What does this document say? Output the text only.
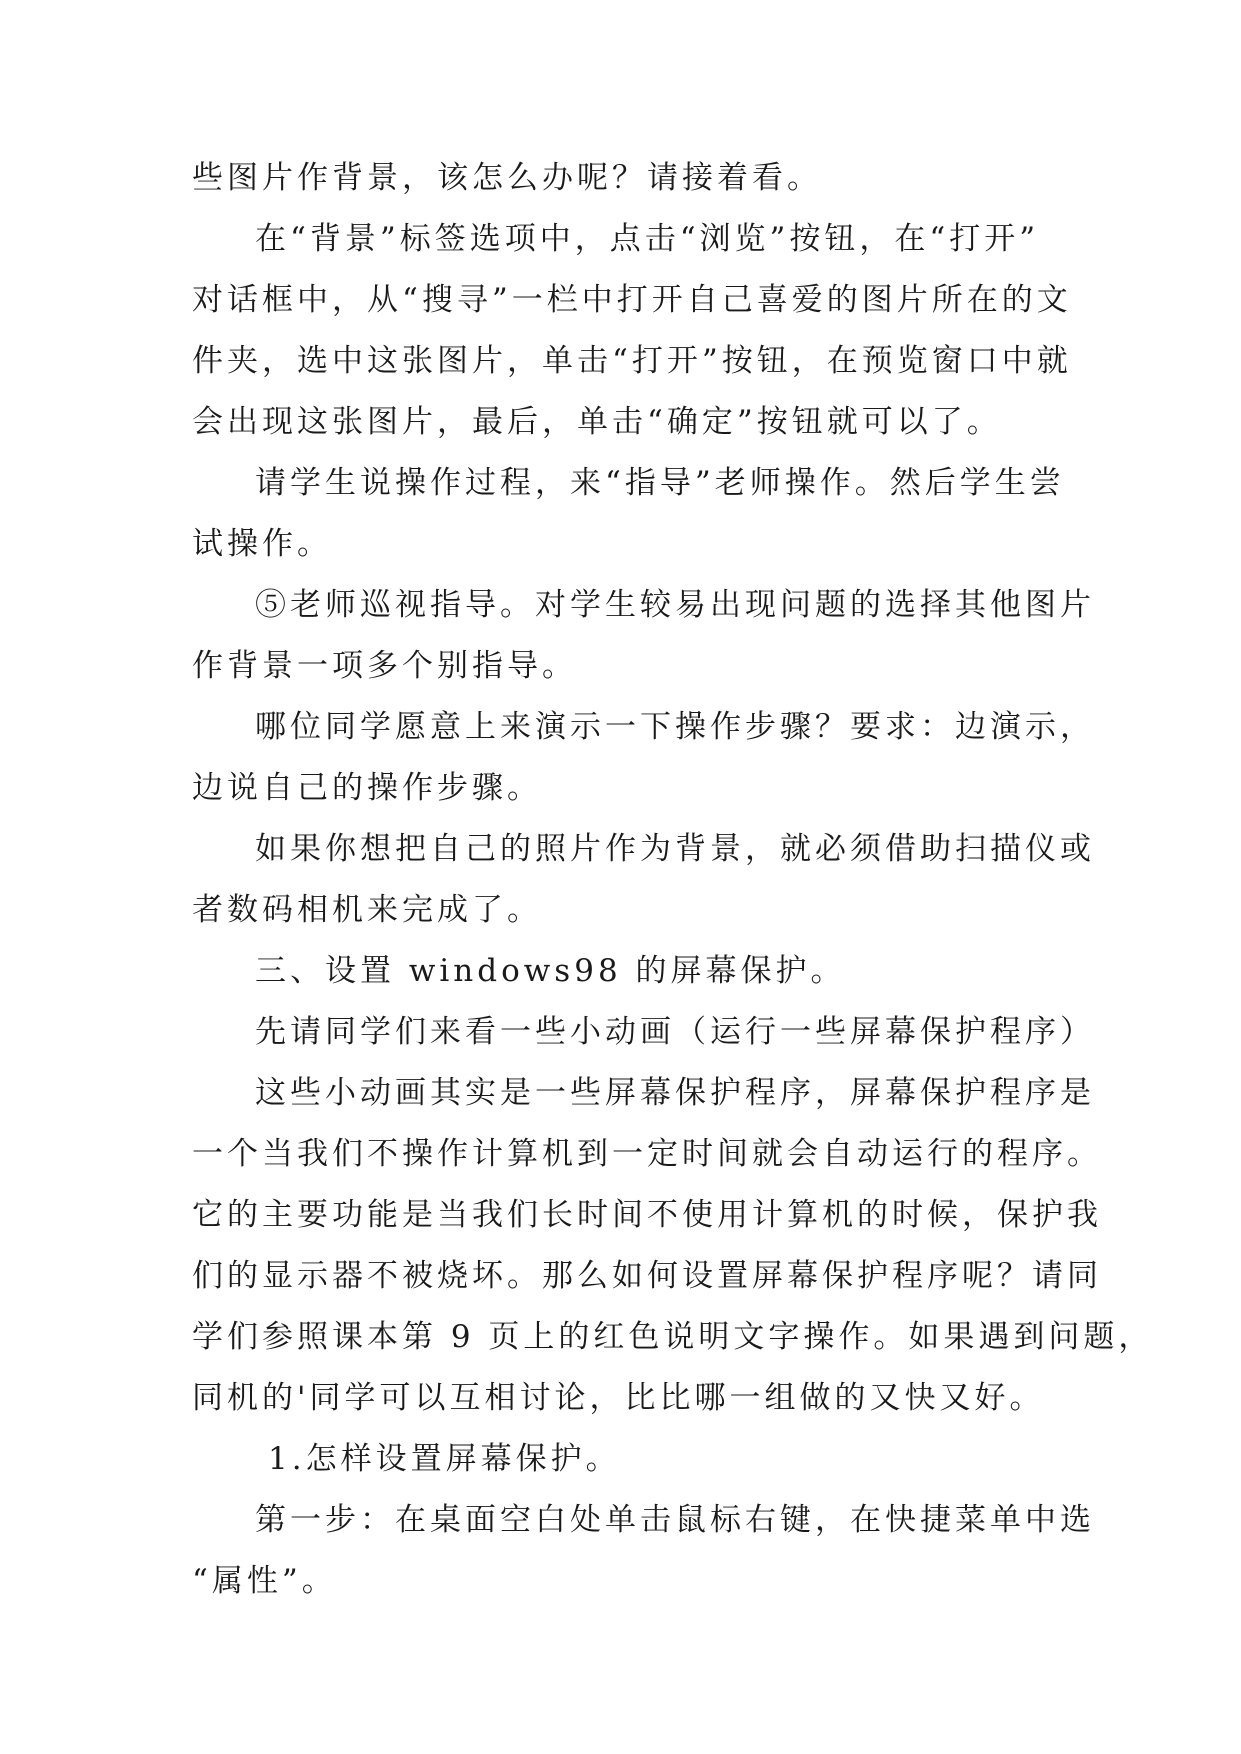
些图片作背景，该怎么办呢？请接着看。
在“背景”标签选项中，点击“浏览”按钮，在“打开”
对话框中，从“搜寻”一栏中打开自己喜爱的图片所在的文
件夹，选中这张图片，单击“打开”按钮，在预览窗口中就
会出现这张图片，最后，单击“确定”按钮就可以了。
请学生说操作过程，来“指导”老师操作。然后学生尝
试操作。
⑤老师巡视指导。对学生较易出现问题的选择其他图片
作背景一项多个别指导。
哪位同学愿意上来演示一下操作步骤？要求：边演示，
边说自己的操作步骤。
如果你想把自己的照片作为背景，就必须借助扫描仪或
者数码相机来完成了。
三、设置 windows98 的屏幕保护。
先请同学们来看一些小动画（运行一些屏幕保护程序）
这些小动画其实是一些屏幕保护程序，屏幕保护程序是
一个当我们不操作计算机到一定时间就会自动运行的程序。
它的主要功能是当我们长时间不使用计算机的时候，保护我
们的显示器不被烧坏。那么如何设置屏幕保护程序呢？请同
学们参照课本第 9 页上的红色说明文字操作。如果遇到问题，
同机的'同学可以互相讨论，比比哪一组做的又快又好。
1.怎样设置屏幕保护。
第一步：在桌面空白处单击鼠标右键，在快捷菜单中选
“属性”。
